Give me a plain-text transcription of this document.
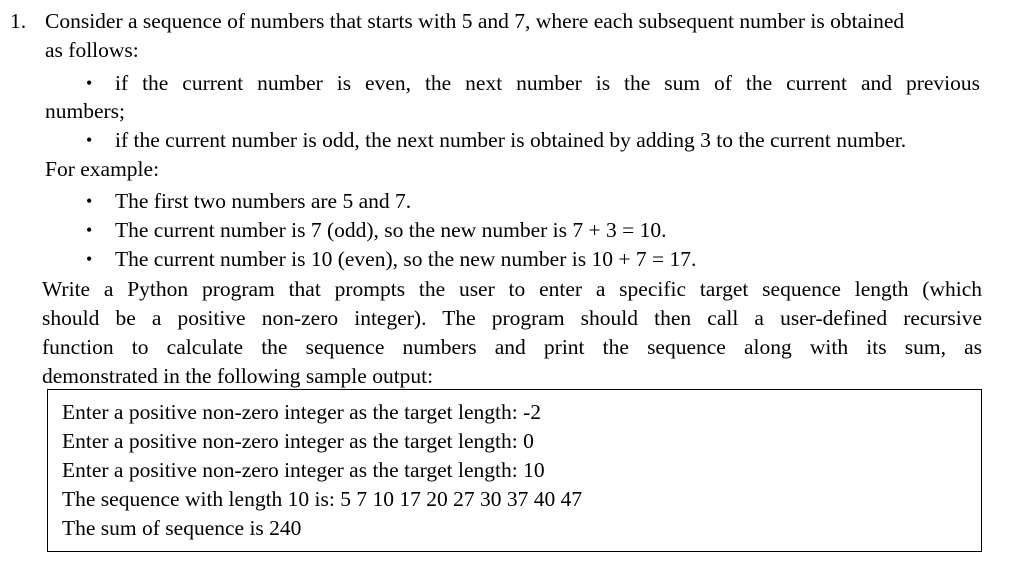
1. Consider a sequence of numbers that starts with 5 and 7, where each subsequent number is obtained
as follows:
• if the current number is even, the next number is the sum of the current and previous
numbers;
• if the current number is odd, the next number is obtained by adding 3 to the current number.
For example:
• The first two numbers are 5 and 7.
• The current number is 7 (odd), so the new number is 7 + 3 = 10.
• The current number is 10 (even), so the new number is 10 + 7 = 17.
Write a Python program that prompts the user to enter a specific target sequence length (which
should be a positive non-zero integer). The program should then call a user-defined recursive
function to calculate the sequence numbers and print the sequence along with its sum, as
demonstrated in the following sample output:
Enter a positive non-zero integer as the target length: -2
Enter a positive non-zero integer as the target length: 0
Enter a positive non-zero integer as the target length: 10
The sequence with length 10 is: 5 7 10 17 20 27 30 37 40 47
The sum of sequence is 240
